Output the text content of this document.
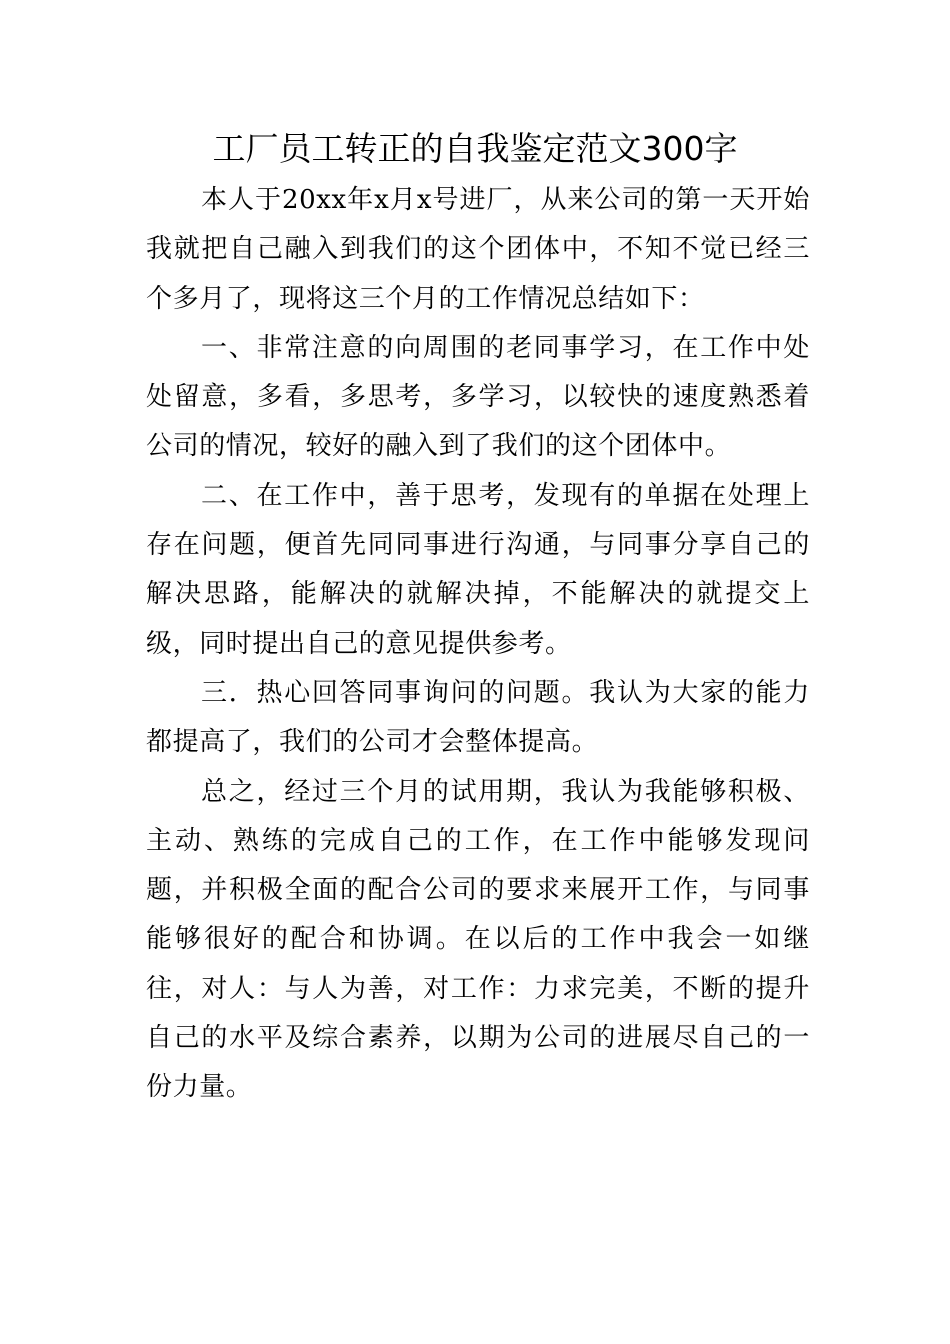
工厂员工转正的自我鉴定范文300字

本人于20xx年x月x号进厂，从来公司的第一天开始我就把自己融入到我们的这个团体中，不知不觉已经三个多月了，现将这三个月的工作情况总结如下：

一、非常注意的向周围的老同事学习，在工作中处处留意，多看，多思考，多学习，以较快的速度熟悉着公司的情况，较好的融入到了我们的这个团体中。

二、在工作中，善于思考，发现有的单据在处理上存在问题，便首先同同事进行沟通，与同事分享自己的解决思路，能解决的就解决掉，不能解决的就提交上级，同时提出自己的意见提供参考。

三．热心回答同事询问的问题。我认为大家的能力都提高了，我们的公司才会整体提高。

总之，经过三个月的试用期，我认为我能够积极、主动、熟练的完成自己的工作，在工作中能够发现问题，并积极全面的配合公司的要求来展开工作，与同事能够很好的配合和协调。在以后的工作中我会一如继往，对人：与人为善，对工作：力求完美，不断的提升自己的水平及综合素养，以期为公司的进展尽自己的一份力量。
